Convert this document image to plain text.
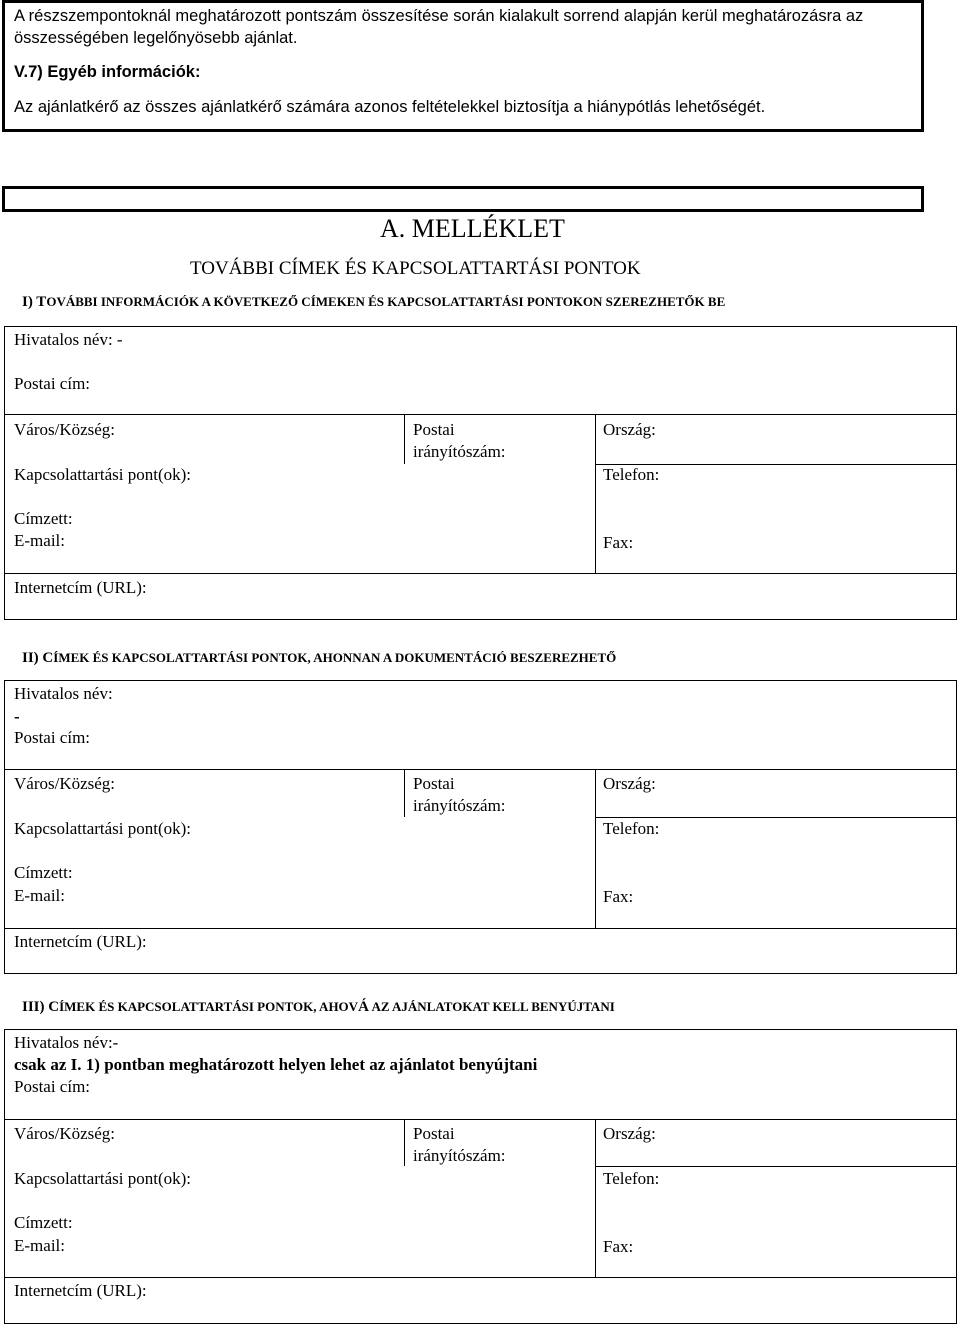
A részszempontoknál meghatározott pontszám összesítése során kialakult sorrend alapján kerül meghatározásra az
összességében legelőnyösebb ajánlat.
V.7) Egyéb információk:
Az ajánlatkérő az összes ajánlatkérő számára azonos feltételekkel biztosítja a hiánypótlás lehetőségét.
A. MELLÉKLET
TOVÁBBI CÍMEK ÉS KAPCSOLATTARTÁSI PONTOK
I) TOVÁBBI INFORMÁCIÓK A KÖVETKEZŐ CÍMEKEN ÉS KAPCSOLATTARTÁSI PONTOKON SZEREZHETŐK BE
Hivatalos név: -
Postai cím:
Város/Község:	Postai
irányítószám:
Ország:
Kapcsolattartási pont(ok):	Telefon:
Címzett:
E-mail:	Fax:
Internetcím (URL):
II) CÍMEK ÉS KAPCSOLATTARTÁSI PONTOK, AHONNAN A DOKUMENTÁCIÓ BESZEREZHETŐ
Hivatalos név:
-
Postai cím:
Város/Község:	Postai
irányítószám:
Ország:
Kapcsolattartási pont(ok):	Telefon:
Címzett:
E-mail:	Fax:
Internetcím (URL):
III) CÍMEK ÉS KAPCSOLATTARTÁSI PONTOK, AHOVÁ AZ AJÁNLATOKAT KELL BENYÚJTANI
Hivatalos név:-
csak az I. 1) pontban meghatározott helyen lehet az ajánlatot benyújtani
Postai cím:
Város/Község:	Postai
irányítószám:
Ország:
Kapcsolattartási pont(ok):	Telefon:
Címzett:
E-mail:	Fax:
Internetcím (URL):
